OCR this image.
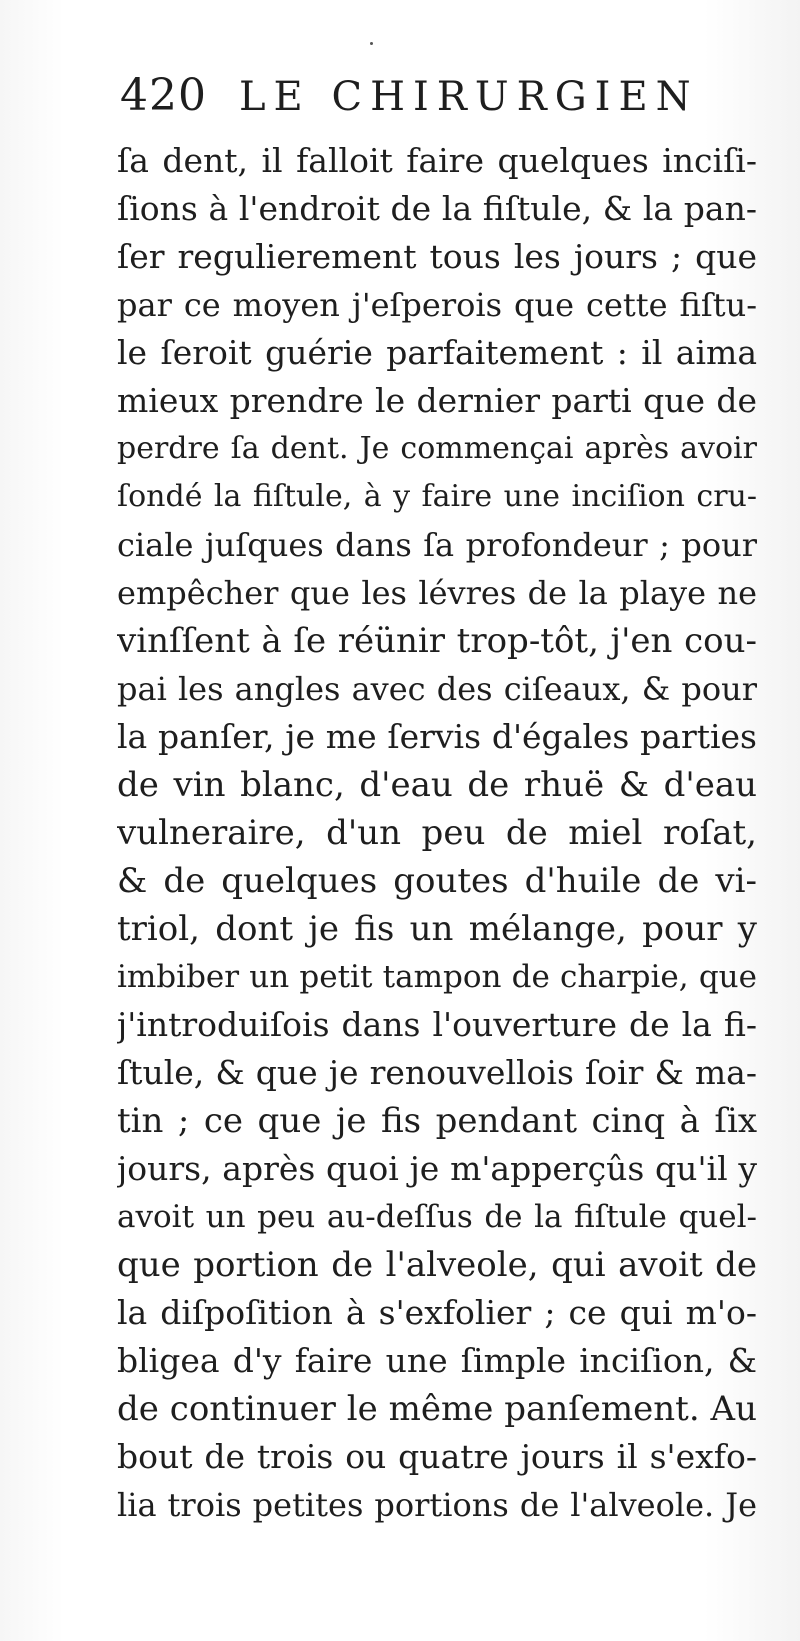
420 LE CHIRURGIEN
ſa dent, il falloit faire quelques inciſi-
ſions à l'endroit de la fiſtule, & la pan-
ſer regulierement tous les jours ; que
par ce moyen j'eſperois que cette fiſtu-
le ſeroit guérie parfaitement : il aima
mieux prendre le dernier parti que de
perdre ſa dent. Je commençai après avoir
ſondé la fiſtule, à y faire une inciſion cru-
ciale juſques dans ſa profondeur ; pour
empêcher que les lévres de la playe ne
vinſſent à ſe réünir trop-tôt, j'en cou-
pai les angles avec des ciſeaux, & pour
la panſer, je me ſervis d'égales parties
de vin blanc, d'eau de rhuë & d'eau
vulneraire, d'un peu de miel roſat,
& de quelques goutes d'huile de vi-
triol, dont je fis un mélange, pour y
imbiber un petit tampon de charpie, que
j'introduiſois dans l'ouverture de la fi-
ſtule, & que je renouvellois ſoir & ma-
tin ; ce que je fis pendant cinq à ſix
jours, après quoi je m'apperçûs qu'il y
avoit un peu au-deſſus de la fiſtule quel-
que portion de l'alveole, qui avoit de
la diſpoſition à s'exfolier ; ce qui m'o-
bligea d'y faire une ſimple inciſion, &
de continuer le même panſement. Au
bout de trois ou quatre jours il s'exfo-
lia trois petites portions de l'alveole. Je
